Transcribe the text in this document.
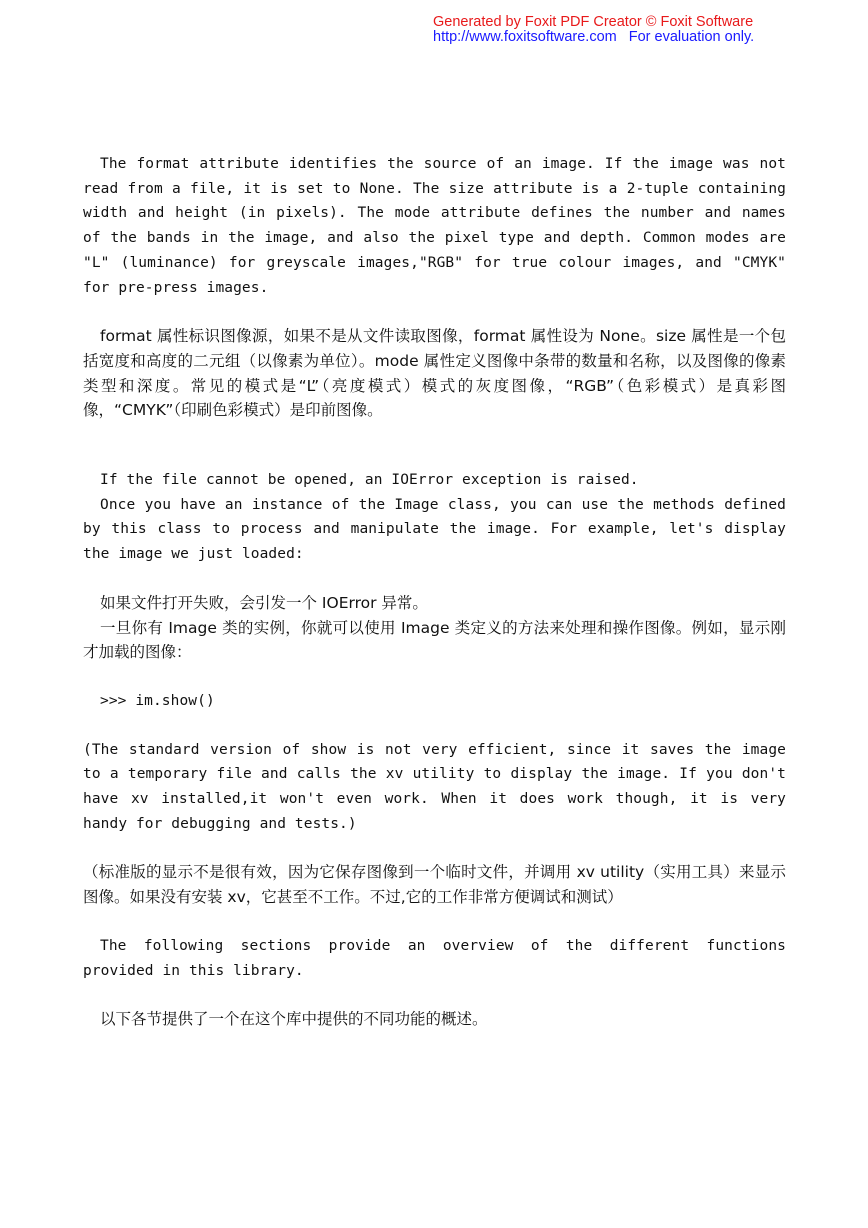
Generated by Foxit PDF Creator © Foxit Software
http://www.foxitsoftware.com For evaluation only.

The format attribute identifies the source of an image. If the image was not read from a file, it is set to None. The size attribute is a 2-tuple containing width and height (in pixels). The mode attribute defines the number and names of the bands in the image, and also the pixel type and depth. Common modes are "L" (luminance) for greyscale images,"RGB" for true colour images, and "CMYK" for pre-press images.

format 属性标识图像源，如果不是从文件读取图像，format 属性设为 None。size 属性是一个包括宽度和高度的二元组（以像素为单位）。mode 属性定义图像中条带的数量和名称，以及图像的像素类型和深度。常见的模式是“L”（亮度模式）模式的灰度图像，“RGB”（色彩模式）是真彩图像，“CMYK”（印刷色彩模式）是印前图像。

If the file cannot be opened, an IOError exception is raised.

Once you have an instance of the Image class, you can use the methods defined by this class to process and manipulate the image. For example, let's display the image we just loaded:

如果文件打开失败，会引发一个 IOError 异常。

一旦你有 Image 类的实例，你就可以使用 Image 类定义的方法来处理和操作图像。例如，显示刚才加载的图像：

>>> im.show()

(The standard version of show is not very efficient, since it saves the image to a temporary file and calls the xv utility to display the image. If you don't have xv installed,it won't even work. When it does work though, it is very handy for debugging and tests.)

（标准版的显示不是很有效，因为它保存图像到一个临时文件，并调用 xv utility（实用工具）来显示图像。如果没有安装 xv，它甚至不工作。不过,它的工作非常方便调试和测试）

The following sections provide an overview of the different functions provided in this library.

以下各节提供了一个在这个库中提供的不同功能的概述。
